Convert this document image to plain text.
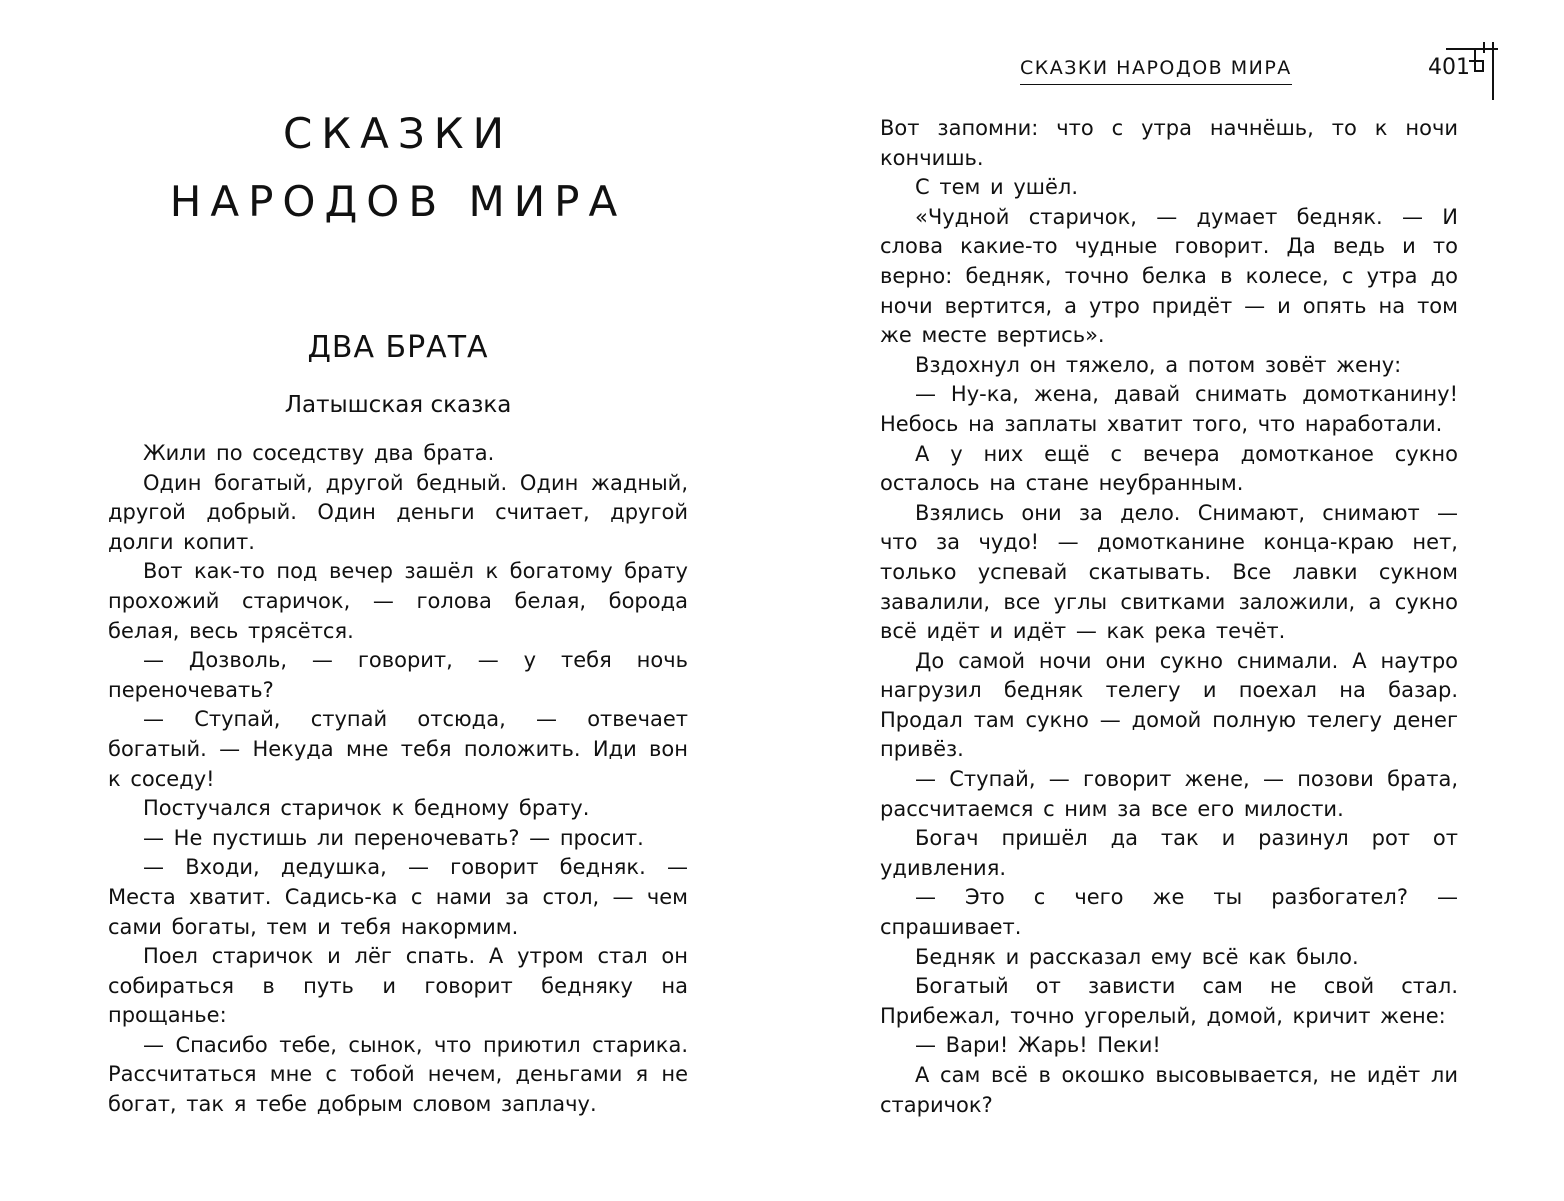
СКАЗКИ
НАРОДОВ МИРА
ДВА БРАТА
Латышская сказка

Жили по соседству два брата.

Один богатый, другой бедный. Один жадный, другой добрый. Один деньги считает, другой долги копит.

Вот как-то под вечер зашёл к богатому брату прохожий старичок, — голова белая, борода белая, весь трясётся.

— Дозволь, — говорит, — у тебя ночь переночевать?

— Ступай, ступай отсюда, — отвечает богатый. — Некуда мне тебя положить. Иди вон к соседу!

Постучался старичок к бедному брату.

— Не пустишь ли переночевать? — просит.

— Входи, дедушка, — говорит бедняк. — Места хватит. Садись-ка с нами за стол, — чем сами богаты, тем и тебя накормим.

Поел старичок и лёг спать. А утром стал он собираться в путь и говорит бедняку на прощанье:

— Спасибо тебе, сынок, что приютил старика. Рассчитаться мне с тобой нечем, деньгами я не богат, так я тебе добрым словом заплачу.

СКАЗКИ НАРОДОВ МИРА	401

Вот запомни: что с утра начнёшь, то к ночи кончишь.

С тем и ушёл.

«Чудной старичок, — думает бедняк. — И слова какие-то чудные говорит. Да ведь и то верно: бедняк, точно белка в колесе, с утра до ночи вертится, а утро придёт — и опять на том же месте вертись».

Вздохнул он тяжело, а потом зовёт жену:

— Ну-ка, жена, давай снимать домотканину! Небось на заплаты хватит того, что наработали.

А у них ещё с вечера домотканое сукно осталось на стане неубранным.

Взялись они за дело. Снимают, снимают — что за чудо! — домотканине конца-краю нет, только успевай скатывать. Все лавки сукном завалили, все углы свитками заложили, а сукно всё идёт и идёт — как река течёт.

До самой ночи они сукно снимали. А наутро нагрузил бедняк телегу и поехал на базар. Продал там сукно — домой полную телегу денег привёз.

— Ступай, — говорит жене, — позови брата, рассчитаемся с ним за все его милости.

Богач пришёл да так и разинул рот от удивления.

— Это с чего же ты разбогател? — спрашивает.

Бедняк и рассказал ему всё как было.

Богатый от зависти сам не свой стал. Прибежал, точно угорелый, домой, кричит жене:

— Вари! Жарь! Пеки!

А сам всё в окошко высовывается, не идёт ли старичок?
